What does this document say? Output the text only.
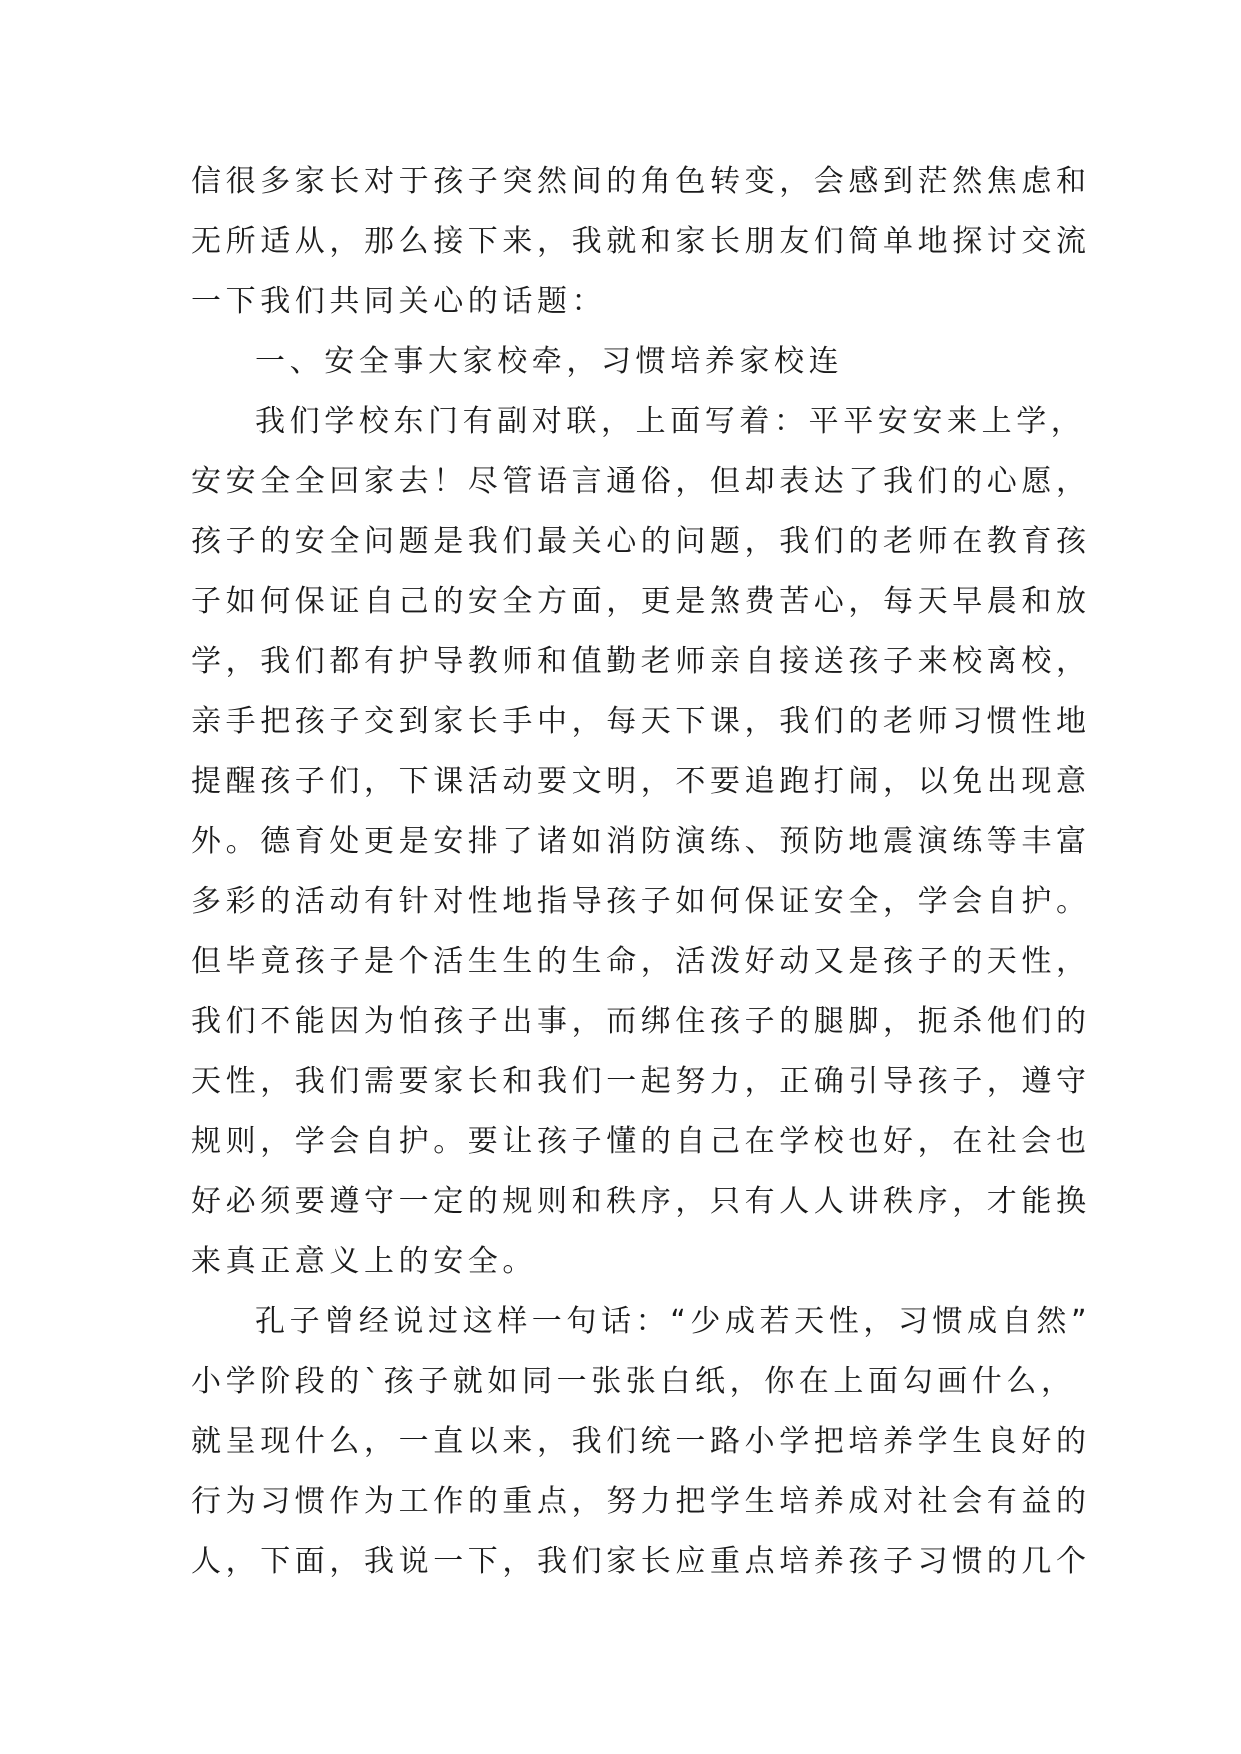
信很多家长对于孩子突然间的角色转变，会感到茫然焦虑和
无所适从，那么接下来，我就和家长朋友们简单地探讨交流
一下我们共同关心的话题：
一、安全事大家校牵，习惯培养家校连
我们学校东门有副对联，上面写着：平平安安来上学，
安安全全回家去！尽管语言通俗，但却表达了我们的心愿，
孩子的安全问题是我们最关心的问题，我们的老师在教育孩
子如何保证自己的安全方面，更是煞费苦心，每天早晨和放
学，我们都有护导教师和值勤老师亲自接送孩子来校离校，
亲手把孩子交到家长手中，每天下课，我们的老师习惯性地
提醒孩子们，下课活动要文明，不要追跑打闹，以免出现意
外。德育处更是安排了诸如消防演练、预防地震演练等丰富
多彩的活动有针对性地指导孩子如何保证安全，学会自护。
但毕竟孩子是个活生生的生命，活泼好动又是孩子的天性，
我们不能因为怕孩子出事，而绑住孩子的腿脚，扼杀他们的
天性，我们需要家长和我们一起努力，正确引导孩子，遵守
规则，学会自护。要让孩子懂的自己在学校也好，在社会也
好必须要遵守一定的规则和秩序，只有人人讲秩序，才能换
来真正意义上的安全。
孔子曾经说过这样一句话：“少成若天性，习惯成自然”
小学阶段的`孩子就如同一张张白纸，你在上面勾画什么，
就呈现什么，一直以来，我们统一路小学把培养学生良好的
行为习惯作为工作的重点，努力把学生培养成对社会有益的
人，下面，我说一下，我们家长应重点培养孩子习惯的几个
